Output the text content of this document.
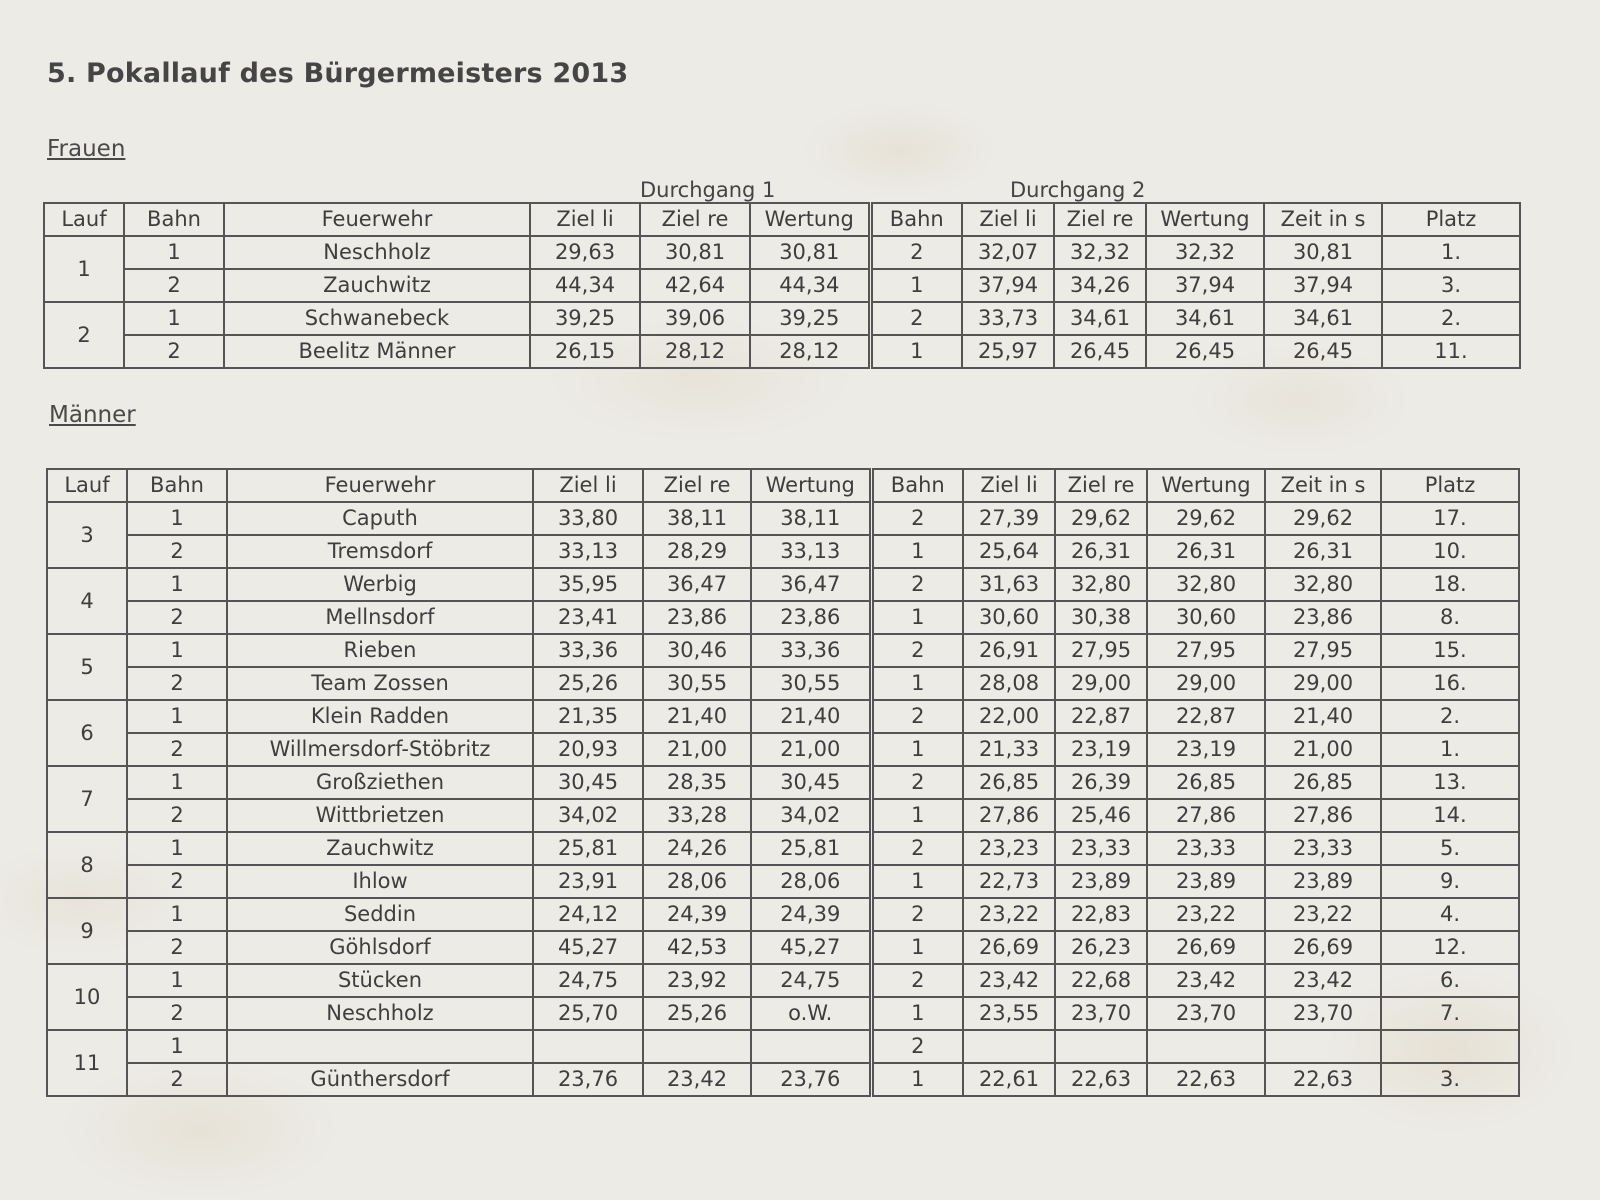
5. Pokallauf des Bürgermeisters 2013
Frauen
Durchgang 1	Durchgang 2
Lauf	Bahn	Feuerwehr	Ziel li	Ziel re	Wertung	Bahn	Ziel li	Ziel re	Wertung	Zeit in s	Platz
1	1	Neschholz	29,63	30,81	30,81	2	32,07	32,32	32,32	30,81	1.
	2	Zauchwitz	44,34	42,64	44,34	1	37,94	34,26	37,94	37,94	3.
2	1	Schwanebeck	39,25	39,06	39,25	2	33,73	34,61	34,61	34,61	2.
	2	Beelitz Männer	26,15	28,12	28,12	1	25,97	26,45	26,45	26,45	11.
Männer
Lauf	Bahn	Feuerwehr	Ziel li	Ziel re	Wertung	Bahn	Ziel li	Ziel re	Wertung	Zeit in s	Platz
3	1	Caputh	33,80	38,11	38,11	2	27,39	29,62	29,62	29,62	17.
	2	Tremsdorf	33,13	28,29	33,13	1	25,64	26,31	26,31	26,31	10.
4	1	Werbig	35,95	36,47	36,47	2	31,63	32,80	32,80	32,80	18.
	2	Mellnsdorf	23,41	23,86	23,86	1	30,60	30,38	30,60	23,86	8.
5	1	Rieben	33,36	30,46	33,36	2	26,91	27,95	27,95	27,95	15.
	2	Team Zossen	25,26	30,55	30,55	1	28,08	29,00	29,00	29,00	16.
6	1	Klein Radden	21,35	21,40	21,40	2	22,00	22,87	22,87	21,40	2.
	2	Willmersdorf-Stöbritz	20,93	21,00	21,00	1	21,33	23,19	23,19	21,00	1.
7	1	Großziethen	30,45	28,35	30,45	2	26,85	26,39	26,85	26,85	13.
	2	Wittbrietzen	34,02	33,28	34,02	1	27,86	25,46	27,86	27,86	14.
8	1	Zauchwitz	25,81	24,26	25,81	2	23,23	23,33	23,33	23,33	5.
	2	Ihlow	23,91	28,06	28,06	1	22,73	23,89	23,89	23,89	9.
9	1	Seddin	24,12	24,39	24,39	2	23,22	22,83	23,22	23,22	4.
	2	Göhlsdorf	45,27	42,53	45,27	1	26,69	26,23	26,69	26,69	12.
10	1	Stücken	24,75	23,92	24,75	2	23,42	22,68	23,42	23,42	6.
	2	Neschholz	25,70	25,26	o.W.	1	23,55	23,70	23,70	23,70	7.
11	1					2					
	2	Günthersdorf	23,76	23,42	23,76	1	22,61	22,63	22,63	22,63	3.
